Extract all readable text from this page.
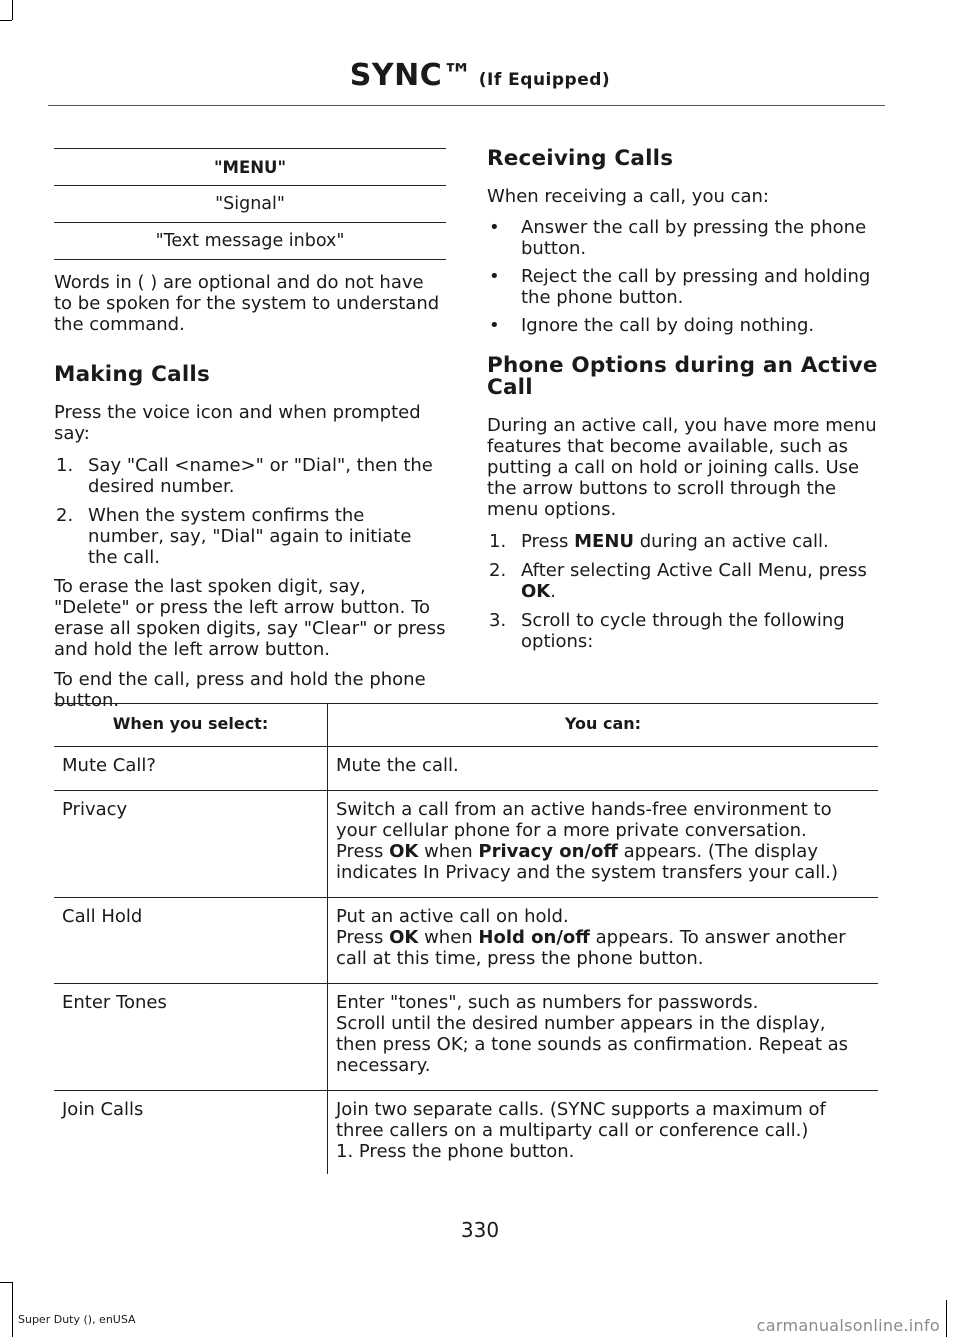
SYNC™ (If Equipped)
"MENU"
"Signal"
"Text message inbox"

Words in ( ) are optional and do not have to be spoken for the system to understand the command.

Making Calls

Press the voice icon and when prompted say:

1. Say "Call <name>" or "Dial", then the desired number.
2. When the system confirms the number, say, "Dial" again to initiate the call.

To erase the last spoken digit, say, "Delete" or press the left arrow button. To erase all spoken digits, say "Clear" or press and hold the left arrow button.

To end the call, press and hold the phone button.

Receiving Calls

When receiving a call, you can:

• Answer the call by pressing the phone button.
• Reject the call by pressing and holding the phone button.
• Ignore the call by doing nothing.
Phone Options during an Active Call

During an active call, you have more menu features that become available, such as putting a call on hold or joining calls. Use the arrow buttons to scroll through the menu options.

1. Press MENU during an active call.
2. After selecting Active Call Menu, press OK.
3. Scroll to cycle through the following options:
When you select:	You can:
Mute Call?	Mute the call.
Privacy	Switch a call from an active hands-free environment to your cellular phone for a more private conversation.
Press OK when Privacy on/off appears. (The display indicates In Privacy and the system transfers your call.)

Call Hold	Put an active call on hold.
Press OK when Hold on/off appears. To answer another call at this time, press the phone button.

Enter Tones	Enter "tones", such as numbers for passwords.
Scroll until the desired number appears in the display, then press OK; a tone sounds as confirmation. Repeat as necessary.

Join Calls	Join two separate calls. (SYNC supports a maximum of three callers on a multiparty call or conference call.)
1. Press the phone button.
330
Super Duty (), enUSA	carmanualsonline.info
